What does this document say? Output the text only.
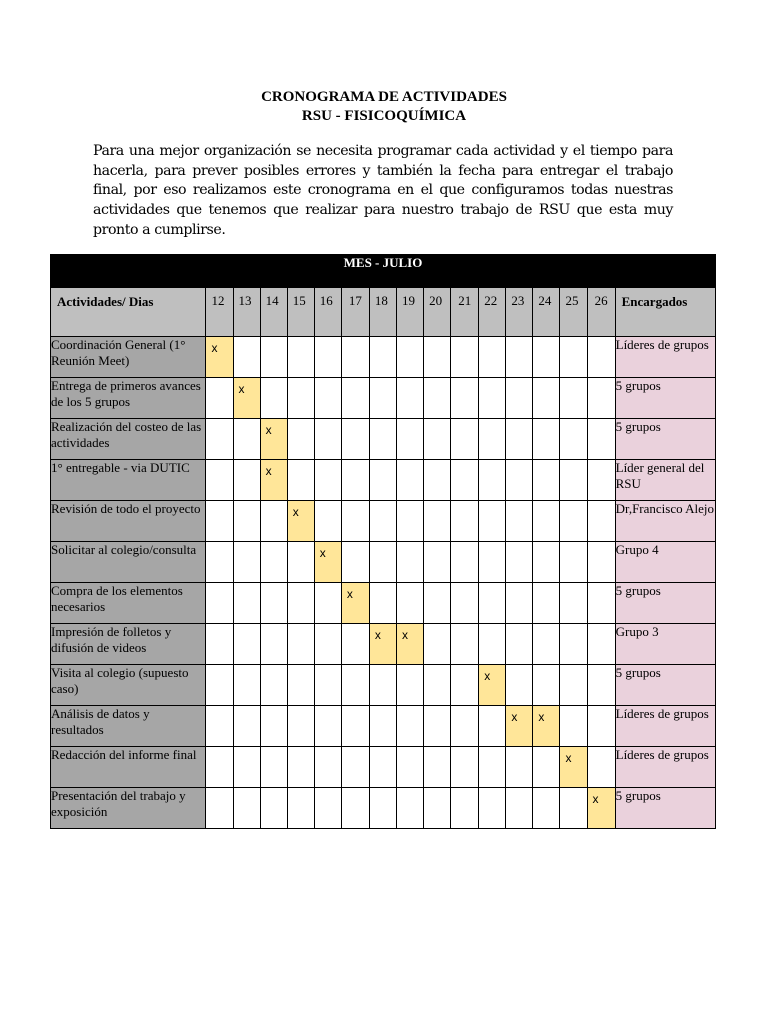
CRONOGRAMA DE ACTIVIDADES
RSU - FISICOQUÍMICA
Para una mejor organización se necesita programar cada actividad y el tiempo para hacerla, para prever posibles errores y también la fecha para entregar el trabajo final, por eso realizamos este cronograma en el que configuramos todas nuestras actividades que tenemos que realizar para nuestro trabajo de RSU que esta muy pronto a cumplirse.
MES - JULIO																
Actividades/ Dias	12	13	14	15	16	17	18	19	20	21	22	23	24	25	26	Encargados
Coordinación General (1° Reunión Meet)	x															Líderes de grupos
Entrega de primeros avances de los 5 grupos		x														5 grupos
Realización del costeo de las actividades			x													5 grupos
1° entregable - via DUTIC			x													Líder general del RSU
Revisión de todo el proyecto				x												Dr,Francisco Alejo
Solicitar al colegio/consulta					x											Grupo 4
Compra de los elementos necesarios						x										5 grupos
Impresión de folletos y difusión de videos							x	x								Grupo 3
Visita al colegio (supuesto caso)											x					5 grupos
Análisis de datos y resultados												x	x			Líderes de grupos
Redacción del informe final														x		Líderes de grupos
Presentación del trabajo y exposición															x	5 grupos
